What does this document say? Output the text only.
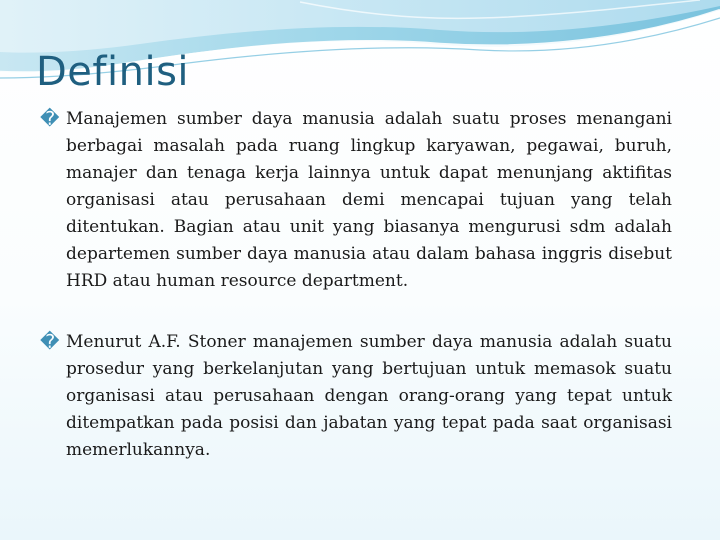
Definisi
� Manajemen sumber daya manusia adalah suatu proses menangani berbagai masalah pada ruang lingkup karyawan, pegawai, buruh, manajer dan tenaga kerja lainnya untuk dapat menunjang aktifitas organisasi atau perusahaan demi mencapai tujuan yang telah ditentukan. Bagian atau unit yang biasanya mengurusi sdm adalah departemen sumber daya manusia atau dalam bahasa inggris disebut HRD atau human resource department.
� Menurut A.F. Stoner manajemen sumber daya manusia adalah suatu prosedur yang berkelanjutan yang bertujuan untuk memasok suatu organisasi atau perusahaan dengan orang-orang yang tepat untuk ditempatkan pada posisi dan jabatan yang tepat pada saat organisasi memerlukannya.
